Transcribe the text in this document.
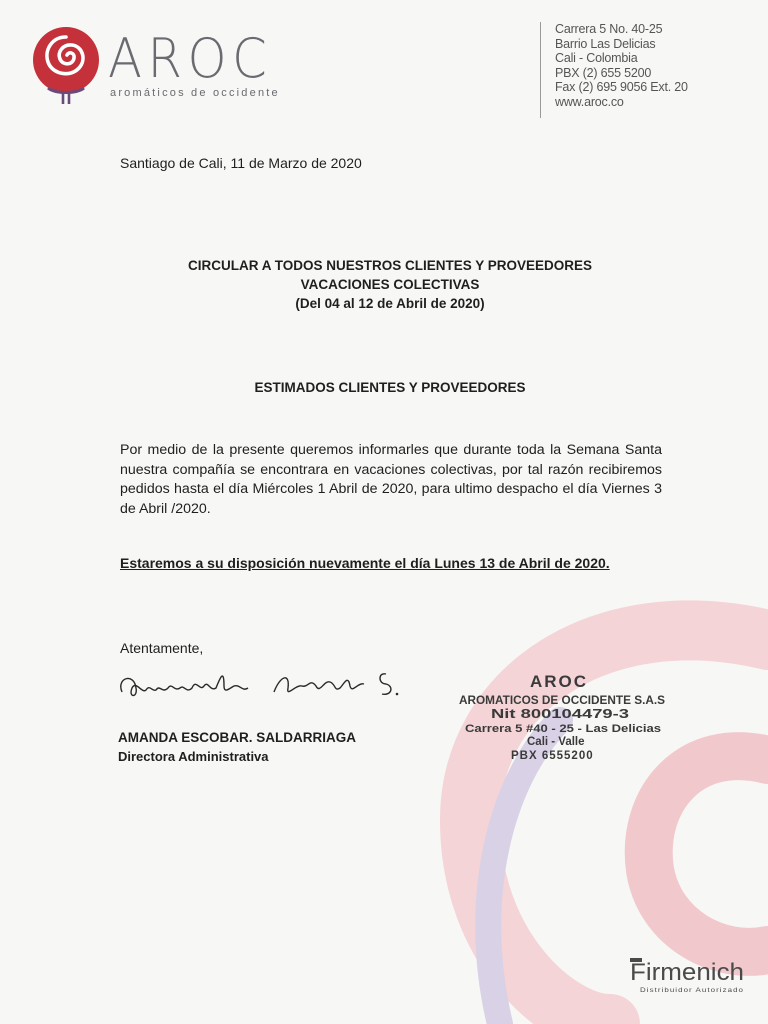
AROC
aromáticos de occidente
Carrera 5 No. 40-25
Barrio Las Delicias
Cali - Colombia
PBX (2) 655 5200
Fax (2) 695 9056 Ext. 20
www.aroc.co
Santiago de Cali, 11 de Marzo de 2020
CIRCULAR A TODOS NUESTROS CLIENTES Y PROVEEDORES
VACACIONES COLECTIVAS
(Del 04 al 12 de Abril de 2020)
ESTIMADOS CLIENTES Y PROVEEDORES
Por medio de la presente queremos informarles que durante toda la Semana Santa nuestra compañía se encontrara en vacaciones colectivas, por tal razón recibiremos pedidos hasta el día Miércoles 1 Abril de 2020, para ultimo despacho el día Viernes 3 de Abril /2020.
Estaremos a su disposición nuevamente el día Lunes 13 de Abril de 2020.
Atentamente,
AMANDA ESCOBAR. SALDARRIAGA
Directora Administrativa
AROC
AROMATICOS DE OCCIDENTE S.A.S
Nit 800104479-3
Carrera 5 #40 - 25 - Las Delicias
Cali - Valle
PBX 6555200
Firmenich
Distribuidor Autorizado
